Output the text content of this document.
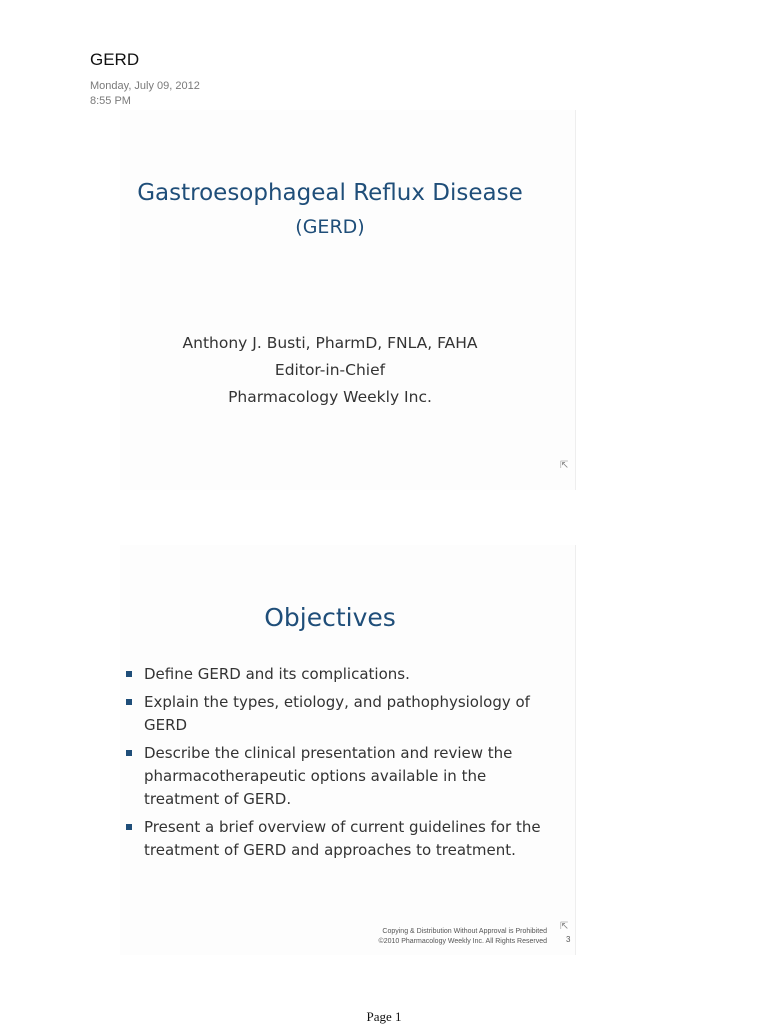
GERD
Monday, July 09, 2012
8:55 PM
Gastroesophageal Reflux Disease
(GERD)
Anthony J. Busti, PharmD, FNLA, FAHA
Editor-in-Chief
Pharmacology Weekly Inc.
⇱
Objectives
Define GERD and its complications.
Explain the types, etiology, and pathophysiology of GERD
Describe the clinical presentation and review the pharmacotherapeutic options available in the treatment of GERD.
Present a brief overview of current guidelines for the treatment of GERD and approaches to treatment.
Copying & Distribution Without Approval is Prohibited
©2010 Pharmacology Weekly Inc. All Rights Reserved
⇱
3
Page 1
